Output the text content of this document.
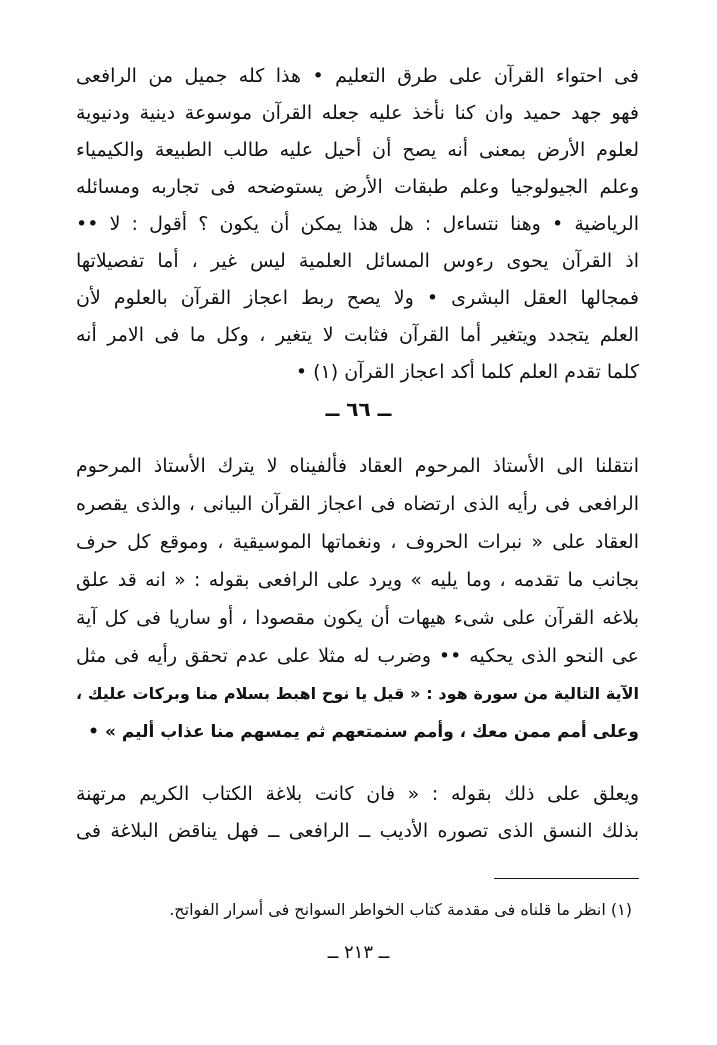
فى احتواء القرآن على طرق التعليم • هذا كله جميل من الرافعى
فهو جهد حميد وان كنا نأخذ عليه جعله القرآن موسوعة دينية ودنيوية
لعلوم الأرض بمعنى أنه يصح أن أحيل عليه طالب الطبيعة والكيمياء
وعلم الجيولوجيا وعلم طبقات الأرض يستوضحه فى تجاربه ومسائله
الرياضية • وهنا نتساءل : هل هذا يمكن أن يكون ؟ أقول : لا ••
اذ القرآن يحوى رءوس المسائل العلمية ليس غير ، أما تفصيلاتها
فمجالها العقل البشرى • ولا يصح ربط اعجاز القرآن بالعلوم لأن
العلم يتجدد ويتغير أما القرآن فثابت لا يتغير ، وكل ما فى الامر أنه
كلما تقدم العلم كلما أكد اعجاز القرآن (١) •
ــ ٦٦ ــ
انتقلنا الى الأستاذ المرحوم العقاد فألفيناه لا يترك الأستاذ المرحوم
الرافعى فى رأيه الذى ارتضاه فى اعجاز القرآن البيانى ، والذى يقصره
العقاد على « نبرات الحروف ، ونغماتها الموسيقية ، وموقع كل حرف
بجانب ما تقدمه ، وما يليه » ويرد على الرافعى بقوله : « انه قد علق
بلاغه القرآن على شىء هيهات أن يكون مقصودا ، أو ساريا فى كل آية
عى النحو الذى يحكيه •• وضرب له مثلا على عدم تحقق رأيه فى مثل
الآية التالية من سورة هود : « قيل يا نوح اهبط بسلام منا وبركات عليك ،
وعلى أمم ممن معك ، وأمم سنمتعهم ثم يمسهم منا عذاب أليم » •
ويعلق على ذلك بقوله : « فان كانت بلاغة الكتاب الكريم مرتهنة
بذلك النسق الذى تصوره الأديب ــ الرافعى ــ فهل يناقض البلاغة فى
(١) انظر ما قلناه فى مقدمة كتاب الخواطر السوانح فى أسرار الفواتح.
ــ ٢١٣ ــ
